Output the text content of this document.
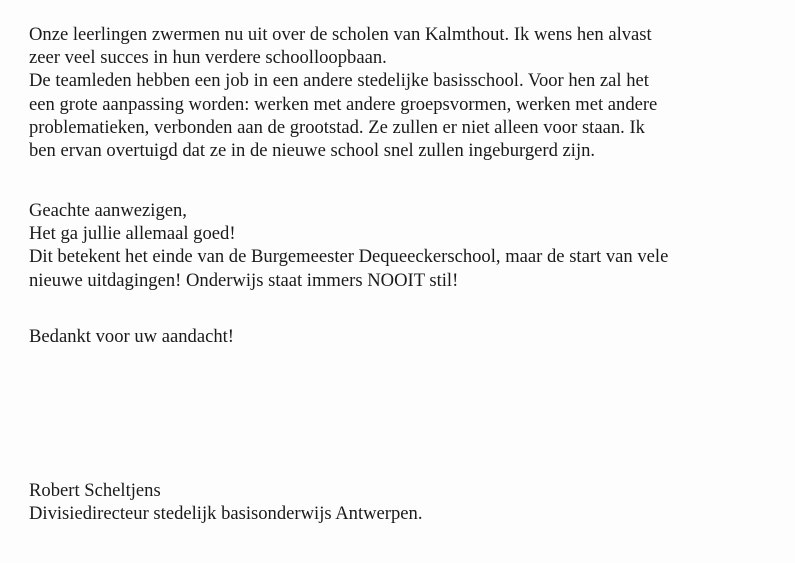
Onze leerlingen zwermen nu uit over de scholen van Kalmthout. Ik wens hen alvast
zeer veel succes in hun verdere schoolloopbaan.
De teamleden hebben een job in een andere stedelijke basisschool. Voor hen zal het
een grote aanpassing worden: werken met andere groepsvormen, werken met andere
problematieken, verbonden aan de grootstad. Ze zullen er niet alleen voor staan. Ik
ben ervan overtuigd dat ze in de nieuwe school snel zullen ingeburgerd zijn.

Geachte aanwezigen,
Het ga jullie allemaal goed!
Dit betekent het einde van de Burgemeester Dequeeckerschool, maar de start van vele
nieuwe uitdagingen! Onderwijs staat immers NOOIT stil!

Bedankt voor uw aandacht!

Robert Scheltjens
Divisiedirecteur stedelijk basisonderwijs Antwerpen.
